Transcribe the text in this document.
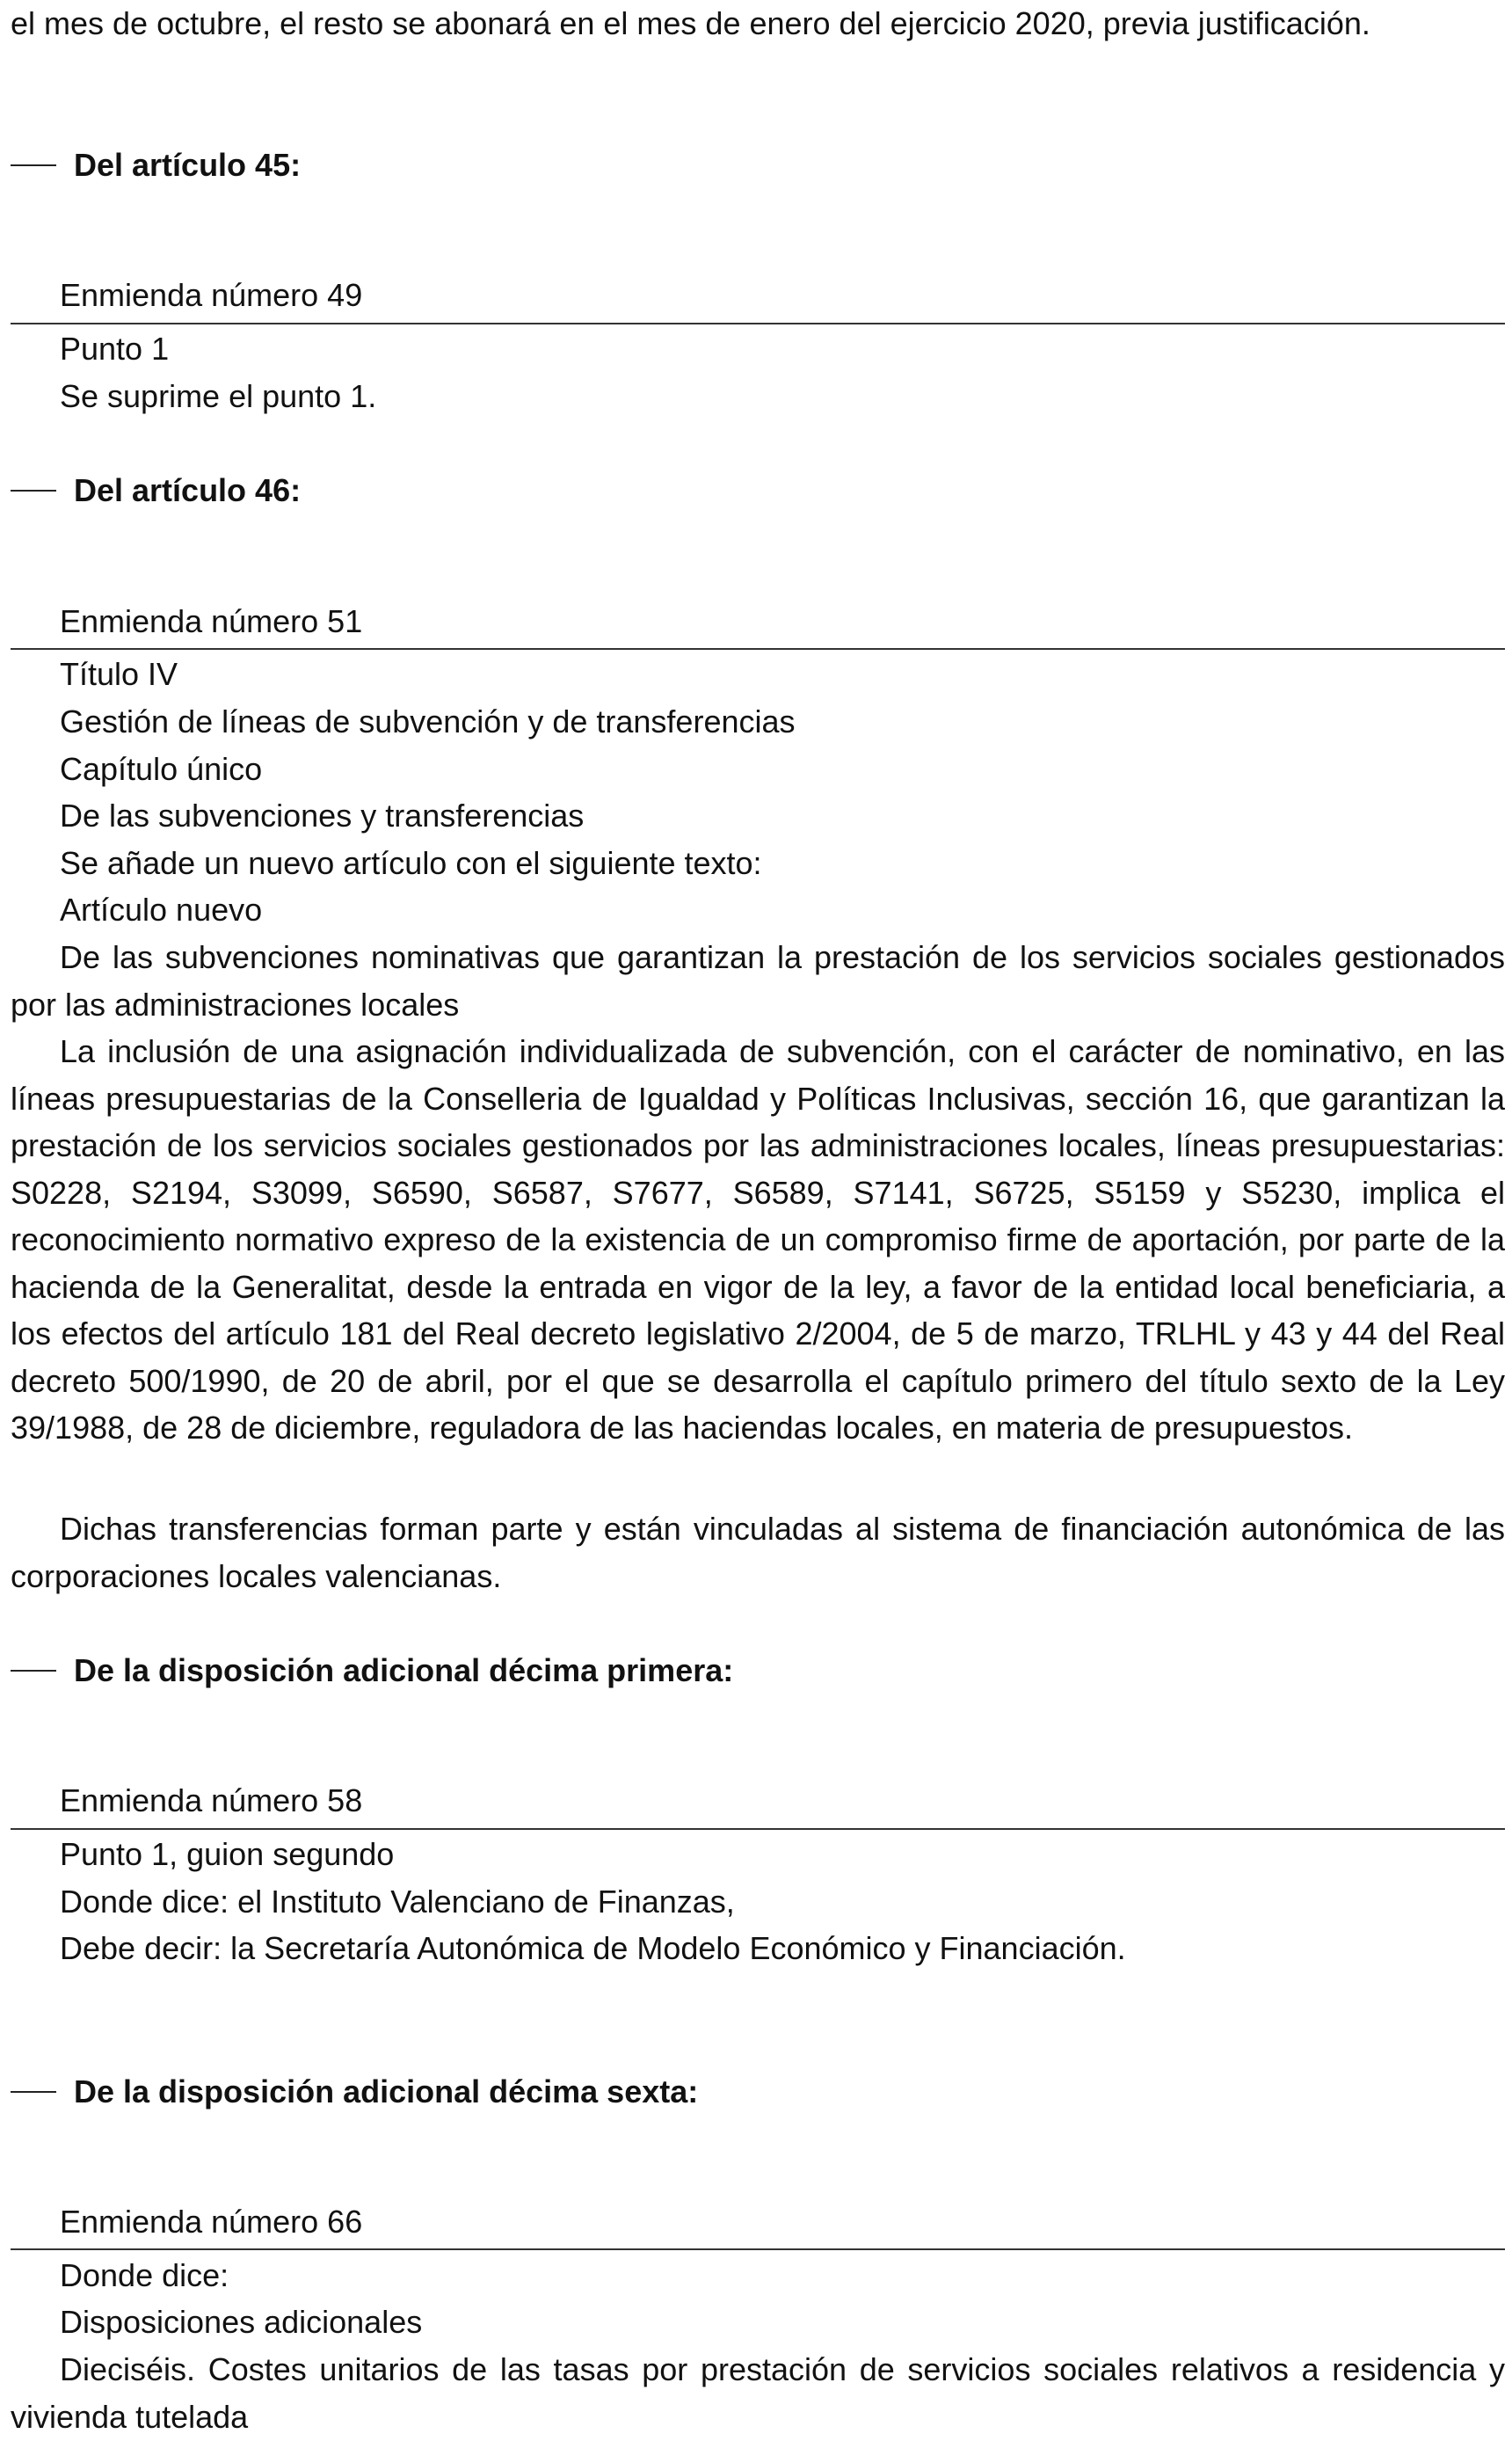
el mes de octubre, el resto se abonará en el mes de enero del ejercicio 2020, previa justificación.

Del artículo 45:

Enmienda número 49

Punto 1

Se suprime el punto 1.

Del artículo 46:

Enmienda número 51

Título IV

Gestión de líneas de subvención y de transferencias

Capítulo único

De las subvenciones y transferencias

Se añade un nuevo artículo con el siguiente texto:

Artículo nuevo

De las subvenciones nominativas que garantizan la prestación de los servicios sociales gestionados por las administraciones locales

La inclusión de una asignación individualizada de subvención, con el carácter de nominativo, en las líneas presupuestarias de la Conselleria de Igualdad y Políticas Inclusivas, sección 16, que garantizan la prestación de los servicios sociales gestionados por las administraciones locales, líneas presupuestarias: S0228, S2194, S3099, S6590, S6587, S7677, S6589, S7141, S6725, S5159 y S5230, implica el reconocimiento normativo expreso de la existencia de un compromiso firme de aportación, por parte de la hacienda de la Generalitat, desde la entrada en vigor de la ley, a favor de la entidad local beneficiaria, a los efectos del artículo 181 del Real decreto legislativo 2/2004, de 5 de marzo, TRLHL y 43 y 44 del Real decreto 500/1990, de 20 de abril, por el que se desarrolla el capítulo primero del título sexto de la Ley 39/1988, de 28 de diciembre, reguladora de las haciendas locales, en materia de presupuestos.

Dichas transferencias forman parte y están vinculadas al sistema de financiación autonómica de las corporaciones locales valencianas.

De la disposición adicional décima primera:

Enmienda número 58

Punto 1, guion segundo

Donde dice: el Instituto Valenciano de Finanzas,

Debe decir: la Secretaría Autonómica de Modelo Económico y Financiación.

De la disposición adicional décima sexta:

Enmienda número 66

Donde dice:

Disposiciones adicionales

Dieciséis. Costes unitarios de las tasas por prestación de servicios sociales relativos a residencia y vivienda tutelada
